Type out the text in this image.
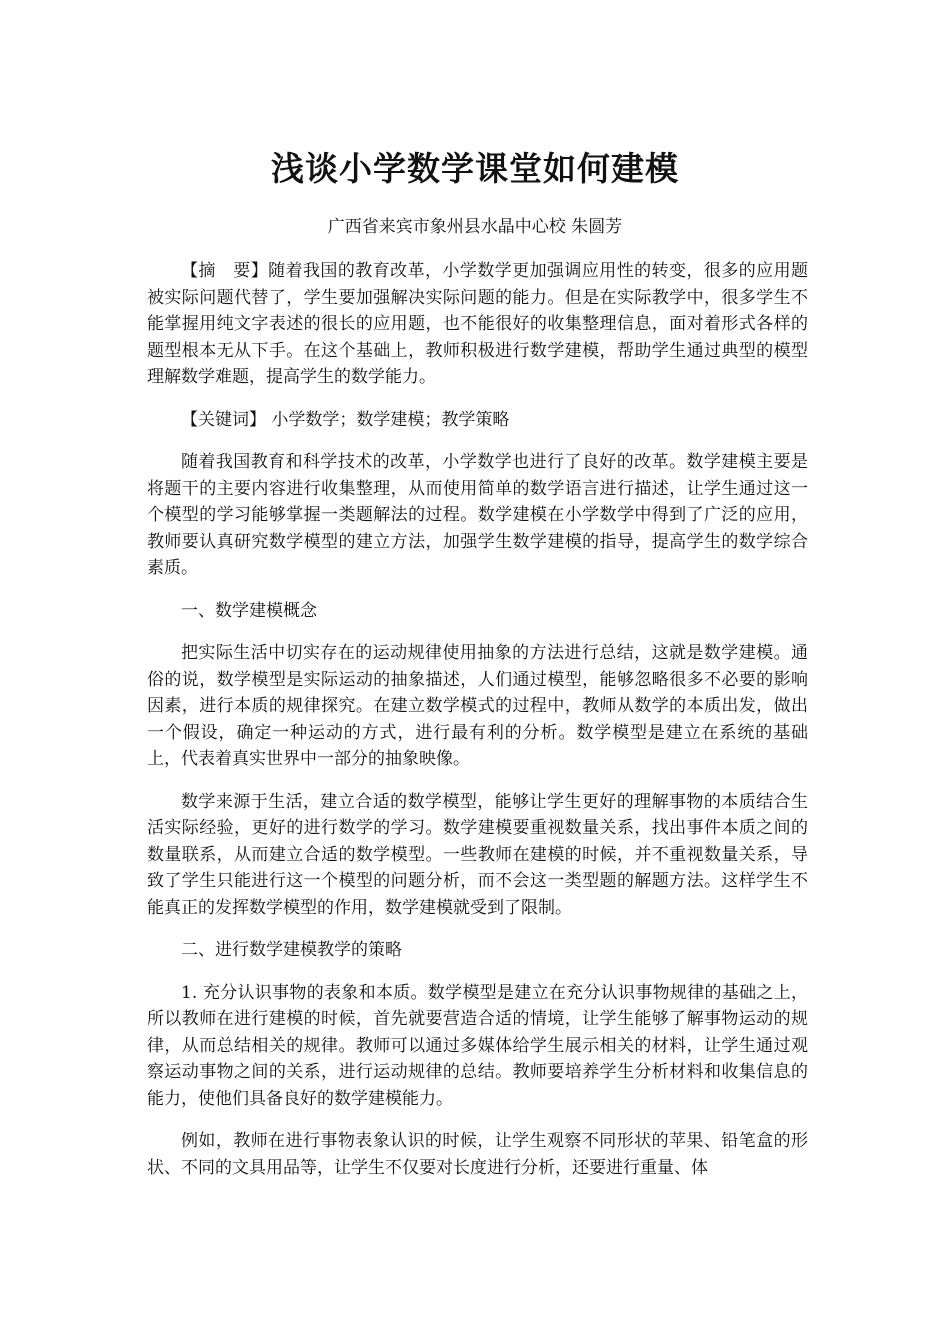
浅谈小学数学课堂如何建模
广西省来宾市象州县水晶中心校 朱圆芳

【摘　要】随着我国的教育改革，小学数学更加强调应用性的转变，很多的应用题被实际问题代替了，学生要加强解决实际问题的能力。但是在实际教学中，很多学生不能掌握用纯文字表述的很长的应用题，也不能很好的收集整理信息，面对着形式各样的题型根本无从下手。在这个基础上，教师积极进行数学建模，帮助学生通过典型的模型理解数学难题，提高学生的数学能力。

【关键词】 小学数学；数学建模；教学策略

随着我国教育和科学技术的改革，小学数学也进行了良好的改革。数学建模主要是将题干的主要内容进行收集整理，从而使用简单的数学语言进行描述，让学生通过这一个模型的学习能够掌握一类题解法的过程。数学建模在小学数学中得到了广泛的应用，教师要认真研究数学模型的建立方法，加强学生数学建模的指导，提高学生的数学综合素质。

一、数学建模概念

把实际生活中切实存在的运动规律使用抽象的方法进行总结，这就是数学建模。通俗的说，数学模型是实际运动的抽象描述，人们通过模型，能够忽略很多不必要的影响因素，进行本质的规律探究。在建立数学模式的过程中，教师从数学的本质出发，做出一个假设，确定一种运动的方式，进行最有利的分析。数学模型是建立在系统的基础上，代表着真实世界中一部分的抽象映像。

数学来源于生活，建立合适的数学模型，能够让学生更好的理解事物的本质结合生活实际经验，更好的进行数学的学习。数学建模要重视数量关系，找出事件本质之间的数量联系，从而建立合适的数学模型。一些教师在建模的时候，并不重视数量关系，导致了学生只能进行这一个模型的问题分析，而不会这一类型题的解题方法。这样学生不能真正的发挥数学模型的作用，数学建模就受到了限制。

二、进行数学建模教学的策略

1. 充分认识事物的表象和本质。数学模型是建立在充分认识事物规律的基础之上，所以教师在进行建模的时候，首先就要营造合适的情境，让学生能够了解事物运动的规律，从而总结相关的规律。教师可以通过多媒体给学生展示相关的材料，让学生通过观察运动事物之间的关系，进行运动规律的总结。教师要培养学生分析材料和收集信息的能力，使他们具备良好的数学建模能力。

例如，教师在进行事物表象认识的时候，让学生观察不同形状的苹果、铅笔盒的形状、不同的文具用品等，让学生不仅要对长度进行分析，还要进行重量、体
